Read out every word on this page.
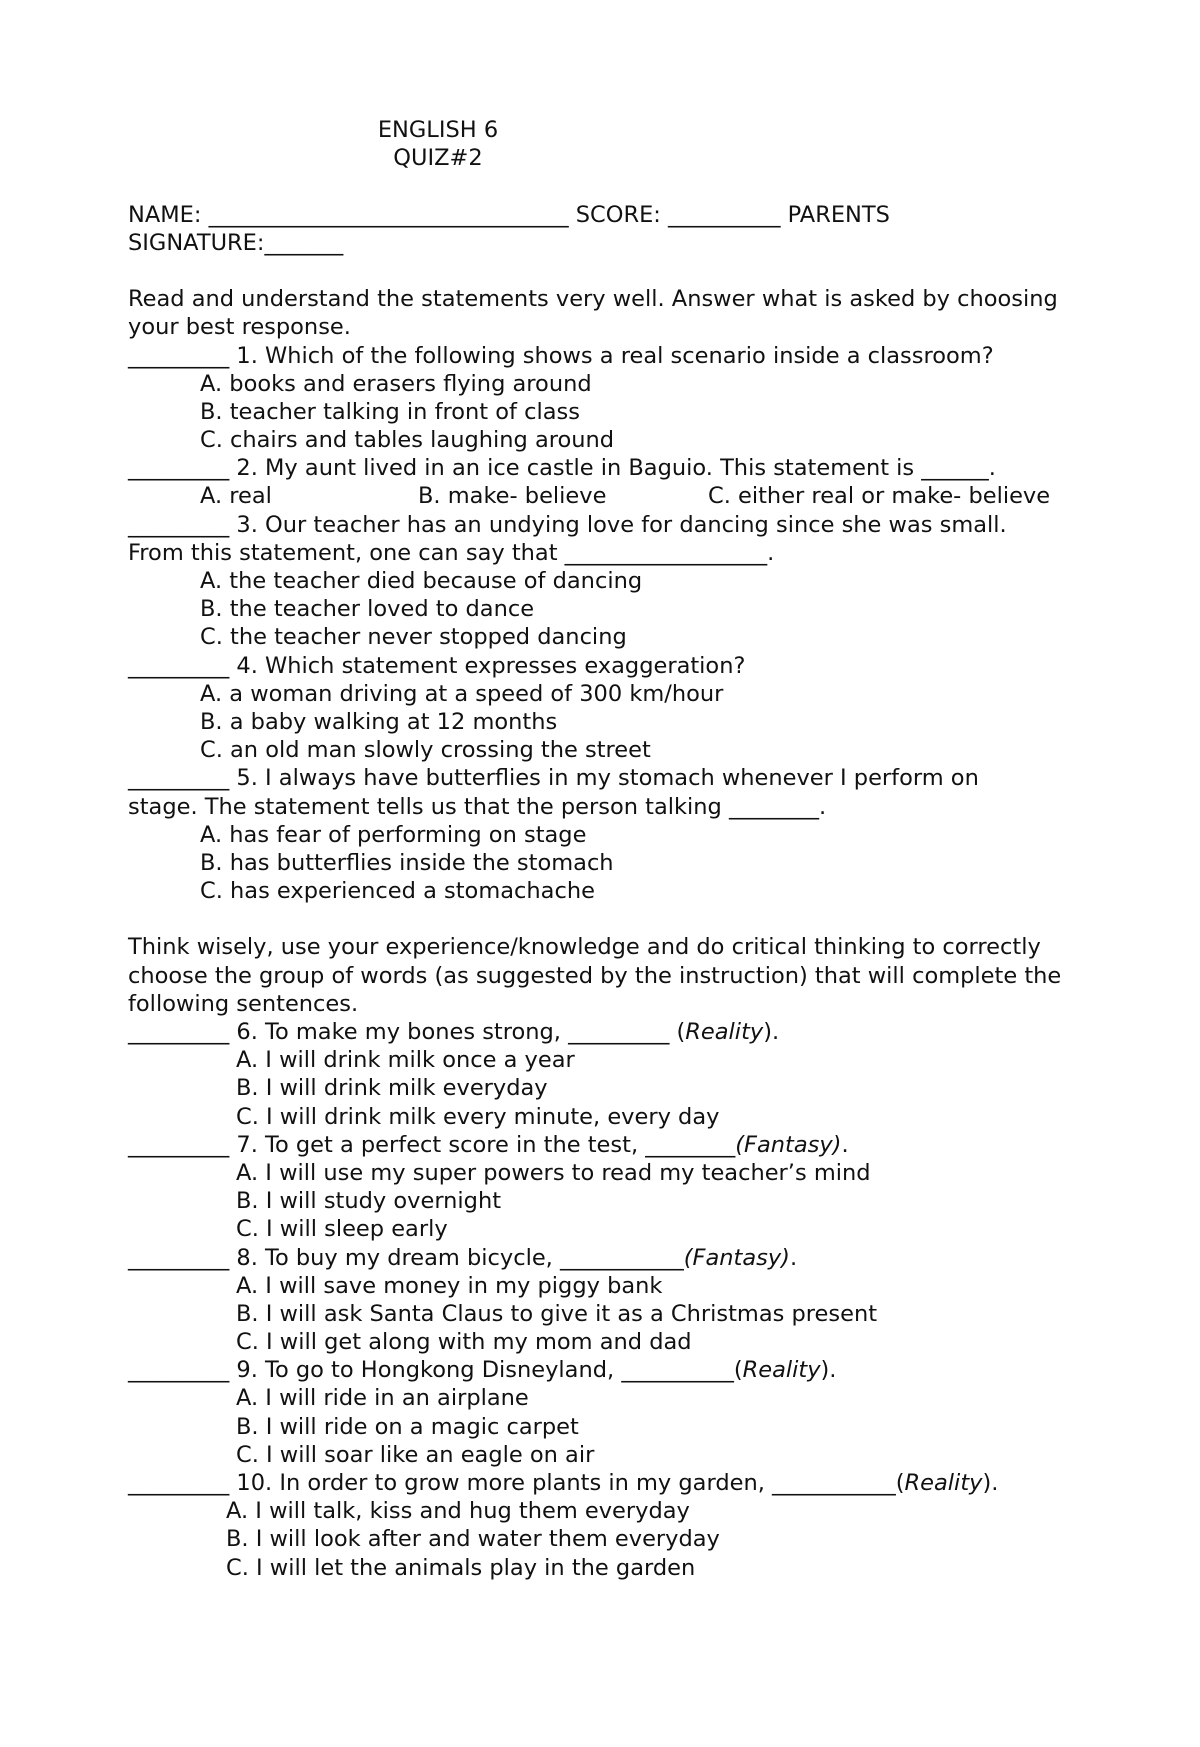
ENGLISH 6
QUIZ#2
NAME: ________________________________ SCORE: __________ PARENTS
SIGNATURE:_______
Read and understand the statements very well. Answer what is asked by choosing
your best response.
_________ 1. Which of the following shows a real scenario inside a classroom?
A. books and erasers flying around
B. teacher talking in front of class
C. chairs and tables laughing around
_________ 2. My aunt lived in an ice castle in Baguio. This statement is ______.
A. real	B. make- believe	C. either real or make- believe
_________ 3. Our teacher has an undying love for dancing since she was small.
From this statement, one can say that __________________.
A. the teacher died because of dancing
B. the teacher loved to dance
C. the teacher never stopped dancing
_________ 4. Which statement expresses exaggeration?
A. a woman driving at a speed of 300 km/hour
B. a baby walking at 12 months
C. an old man slowly crossing the street
_________ 5. I always have butterflies in my stomach whenever I perform on
stage. The statement tells us that the person talking ________.
A. has fear of performing on stage
B. has butterflies inside the stomach
C. has experienced a stomachache
Think wisely, use your experience/knowledge and do critical thinking to correctly
choose the group of words (as suggested by the instruction) that will complete the
following sentences.
_________ 6. To make my bones strong, _________ (Reality).
A. I will drink milk once a year
B. I will drink milk everyday
C. I will drink milk every minute, every day
_________ 7. To get a perfect score in the test, ________(Fantasy).
A. I will use my super powers to read my teacher’s mind
B. I will study overnight
C. I will sleep early
_________ 8. To buy my dream bicycle, ___________(Fantasy).
A. I will save money in my piggy bank
B. I will ask Santa Claus to give it as a Christmas present
C. I will get along with my mom and dad
_________ 9. To go to Hongkong Disneyland, __________(Reality).
A. I will ride in an airplane
B. I will ride on a magic carpet
C. I will soar like an eagle on air
_________ 10. In order to grow more plants in my garden, ___________(Reality).
A. I will talk, kiss and hug them everyday
B. I will look after and water them everyday
C. I will let the animals play in the garden
